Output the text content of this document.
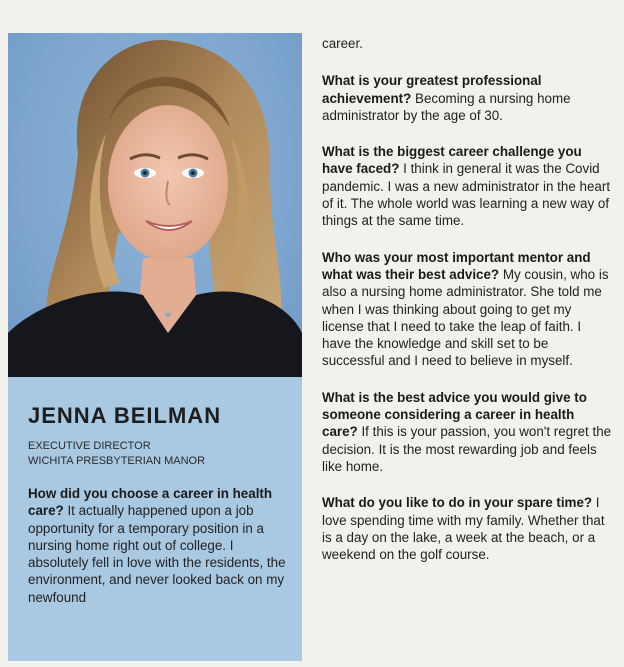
JENNA BEILMAN
EXECUTIVE DIRECTOR
WICHITA PRESBYTERIAN MANOR
How did you choose a career in health care? It actually happened upon a job opportunity for a temporary position in a nursing home right out of college. I absolutely fell in love with the residents, the environment, and never looked back on my newfound
career.
What is your greatest professional achievement? Becoming a nursing home administrator by the age of 30.
What is the biggest career challenge you have faced? I think in general it was the Covid pandemic. I was a new administrator in the heart of it. The whole world was learning a new way of things at the same time.
Who was your most important mentor and what was their best advice? My cousin, who is also a nursing home administrator. She told me when I was thinking about going to get my license that I need to take the leap of faith. I have the knowledge and skill set to be successful and I need to believe in myself.
What is the best advice you would give to someone considering a career in health care? If this is your passion, you won't regret the decision. It is the most rewarding job and feels like home.
What do you like to do in your spare time? I love spending time with my family. Whether that is a day on the lake, a week at the beach, or a weekend on the golf course.
